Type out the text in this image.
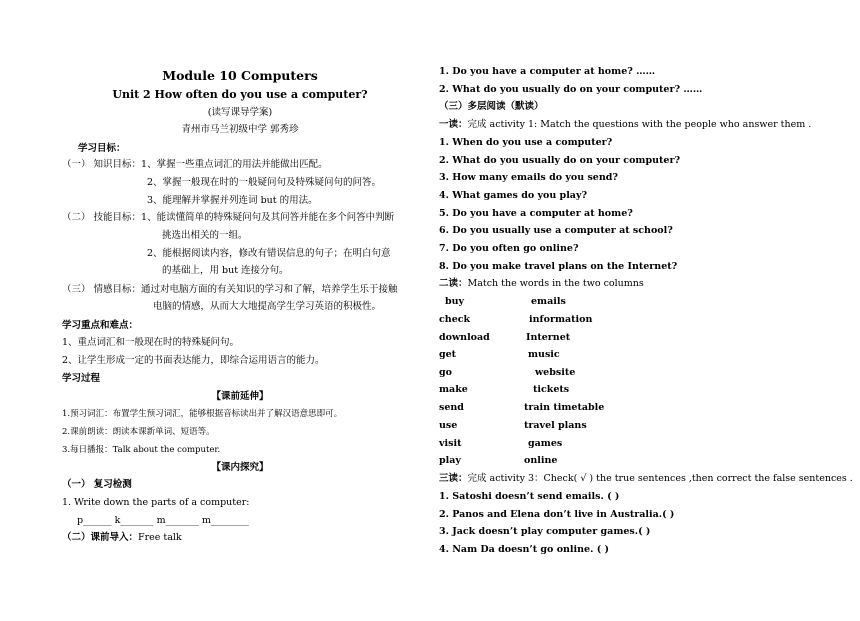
Module 10 Computers
Unit 2 How often do you use a computer?
(读写课导学案)
青州市马兰初级中学 郭秀珍
学习目标：
（一） 知识目标：1、掌握一些重点词汇的用法并能做出匹配。
2、掌握一般现在时的一般疑问句及特殊疑问句的问答。
3、能理解并掌握并列连词 but 的用法。
（二） 技能目标：1、能读懂简单的特殊疑问句及其问答并能在多个问答中判断
挑选出相关的一组。
2、能根据阅读内容，修改有错误信息的句子；在明白句意
的基础上，用 but 连接分句。
（三） 情感目标：通过对电脑方面的有关知识的学习和了解，培养学生乐于接触
电脑的情感，从而大大地提高学生学习英语的积极性。
学习重点和难点：
1、重点词汇和一般现在时的特殊疑问句。
2、让学生形成一定的书面表达能力，即综合运用语言的能力。
学习过程
【课前延伸】
1.预习词汇：布置学生预习词汇，能够根据音标读出并了解汉语意思即可。
2.课前朗读：朗读本课新单词、短语等。
3.每日播报：Talk about the computer.
【课内探究】
（一） 复习检测
1. Write down the parts of a computer:
p______ k_______ m_______ m________
（二）课前导入：Free talk
1. Do you have a computer at home? ……
2. What do you usually do on your computer? ……
（三）多层阅读（默读）
一读：完成 activity 1: Match the questions with the people who answer them .
1. When do you use a computer?
2. What do you usually do on your computer?
3. How many emails do you send?
4. What games do you play?
5. Do you have a computer at home?
6. Do you usually use a computer at school?
7. Do you often go online?
8. Do you make travel plans on the Internet?
二读：Match the words in the two columns
buy	emails
check	information
download	Internet
get	music
go	website
make	tickets
send	train timetable
use	travel plans
visit	games
play	online
三读：完成 activity 3：Check( √ ) the true sentences ,then correct the false sentences .
1. Satoshi doesn’t send emails. ( )
2. Panos and Elena don’t live in Australia.( )
3. Jack doesn’t play computer games.( )
4. Nam Da doesn’t go online. ( )
